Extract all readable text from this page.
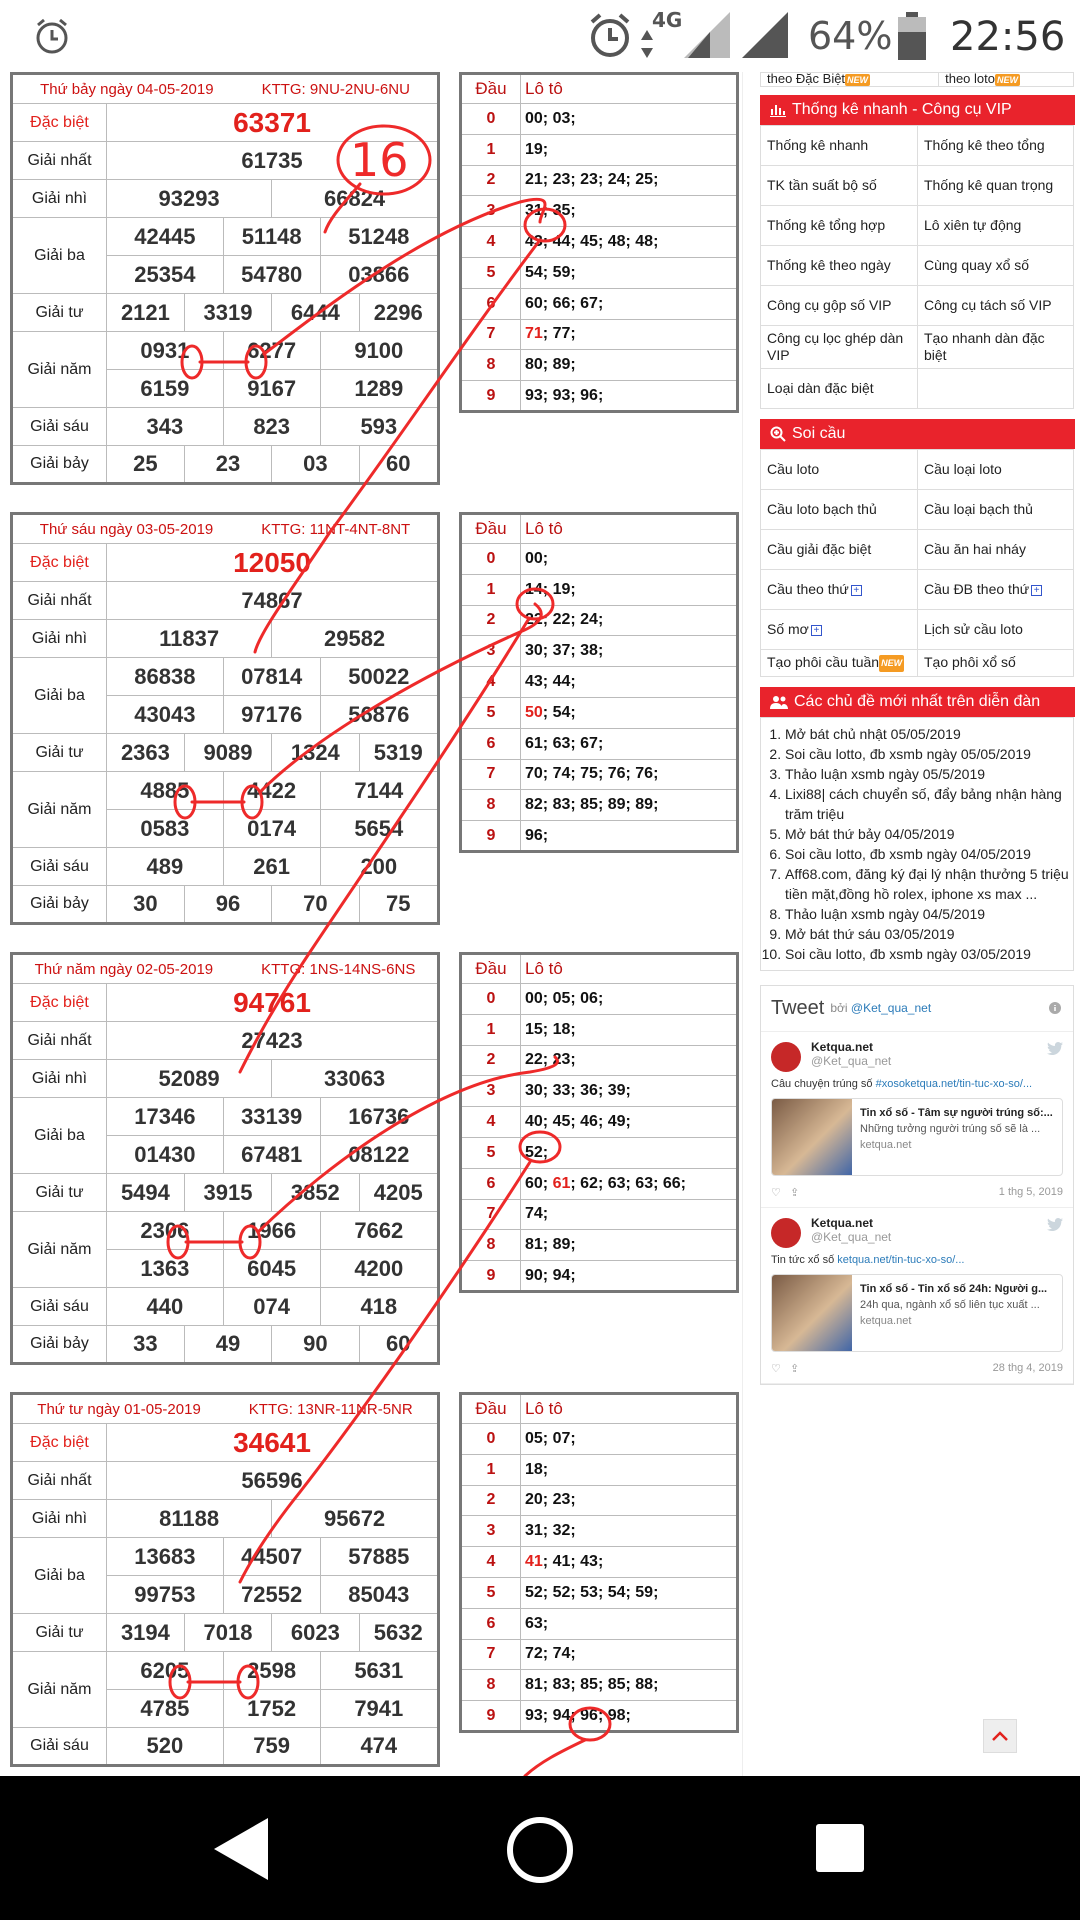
4G	64% 22:56
Thứ bảy ngày 04-05-2019 KTTG: 9NU-2NU-6NU						
Đặc biệt	63371					
Giải nhất	61735					
Giải nhì	93293			66824		
Giải ba	42445		51148		51248	
	25354		54780		03866	
Giải tư	2121	3319		6444		2296
Giải năm	0931		6277		9100	
	6159		9167		1289	
Giải sáu	343		823		593	
Giải bảy	25	23		03		60
Đầu	Lô tô
0	00; 03;
1	19;
2	21; 23; 23; 24; 25;
3	31; 35;
4	43; 44; 45; 48; 48;
5	54; 59;
6	60; 66; 67;
7	71; 77;
8	80; 89;
9	93; 93; 96;
Thứ sáu ngày 03-05-2019 KTTG: 11NT-4NT-8NT						
Đặc biệt	12050					
Giải nhất	74867					
Giải nhì	11837			29582		
Giải ba	86838		07814		50022	
	43043		97176		56876	
Giải tư	2363	9089		1324		5319
Giải năm	4885		4422		7144	
	0583		0174		5654	
Giải sáu	489		261		200	
Giải bảy	30	96		70		75
Đầu	Lô tô
0	00;
1	14; 19;
2	22; 22; 24;
3	30; 37; 38;
4	43; 44;
5	50; 54;
6	61; 63; 67;
7	70; 74; 75; 76; 76;
8	82; 83; 85; 89; 89;
9	96;
Thứ năm ngày 02-05-2019 KTTG: 1NS-14NS-6NS						
Đặc biệt	94761					
Giải nhất	27423					
Giải nhì	52089			33063		
Giải ba	17346		33139		16736	
	01430		67481		08122	
Giải tư	5494	3915		3852		4205
Giải năm	2306		1966		7662	
	1363		6045		4200	
Giải sáu	440		074		418	
Giải bảy	33	49		90		60
Đầu	Lô tô
0	00; 05; 06;
1	15; 18;
2	22; 23;
3	30; 33; 36; 39;
4	40; 45; 46; 49;
5	52;
6	60; 61; 62; 63; 63; 66;
7	74;
8	81; 89;
9	90; 94;
Thứ tư ngày 01-05-2019 KTTG: 13NR-11NR-5NR						
Đặc biệt	34641					
Giải nhất	56596					
Giải nhì	81188			95672		
Giải ba	13683		44507		57885	
	99753		72552		85043	
Giải tư	3194	7018		6023		5632
Giải năm	6205		2598		5631	
	4785		1752		7941	
Giải sáu	520		759		474	
Đầu	Lô tô
0	05; 07;
1	18;
2	20; 23;
3	31; 32;
4	41; 41; 43;
5	52; 52; 53; 54; 59;
6	63;
7	72; 74;
8	81; 83; 85; 85; 88;
9	93; 94; 96; 98;
theo Đặc Biệt NEW	theo loto NEW
Thống kê nhanh - Công cụ VIP
Thống kê nhanh	Thống kê theo tổng
TK tần suất bộ số	Thống kê quan trọng
Thống kê tổng hợp	Lô xiên tự động
Thống kê theo ngày	Cùng quay xổ số
Công cụ gộp số VIP	Công cụ tách số VIP
Công cụ lọc ghép dàn VIP	Tạo nhanh dàn đặc biệt
Loại dàn đặc biệt	
Soi cầu
Cầu loto	Cầu loại loto
Cầu loto bạch thủ	Cầu loại bạch thủ
Cầu giải đặc biệt	Cầu ăn hai nháy
Cầu theo thứ +	Cầu ĐB theo thứ +
Số mơ +	Lịch sử cầu loto
Tạo phôi cầu tuần NEW	Tạo phôi xổ số
Các chủ đề mới nhất trên diễn đàn
1. Mở bát chủ nhật 05/05/2019
2. Soi cầu lotto, đb xsmb ngày 05/05/2019
3. Thảo luận xsmb ngày 05/5/2019
4. Lixi88| cách chuyển số, đẩy bảng nhận hàng trăm triệu
5. Mở bát thứ bảy 04/05/2019
6. Soi cầu lotto, đb xsmb ngày 04/05/2019
7. Aff68.com, đăng ký đại lý nhận thưởng 5 triệu tiền mặt,đồng hồ rolex, iphone xs max ...
8. Thảo luận xsmb ngày 04/5/2019
9. Mở bát thứ sáu 03/05/2019
10. Soi cầu lotto, đb xsmb ngày 03/05/2019
Tweet bởi @Ket_qua_net
Ketqua.net
@Ket_qua_net
Câu chuyện trúng số #xosoketqua.net/tin-tuc-xo-so/...
Tin xổ số - Tâm sự người trúng số:...
Những tưởng người trúng số sẽ là ...
ketqua.net
♡   ⇪	1 thg 5, 2019
Ketqua.net
@Ket_qua_net
Tin tức xổ số ketqua.net/tin-tuc-xo-so/...
Tin xổ số - Tin xổ số 24h: Người g...
24h qua, ngành xổ số liên tục xuất ...
ketqua.net
♡   ⇪	28 thg 4, 2019
16
